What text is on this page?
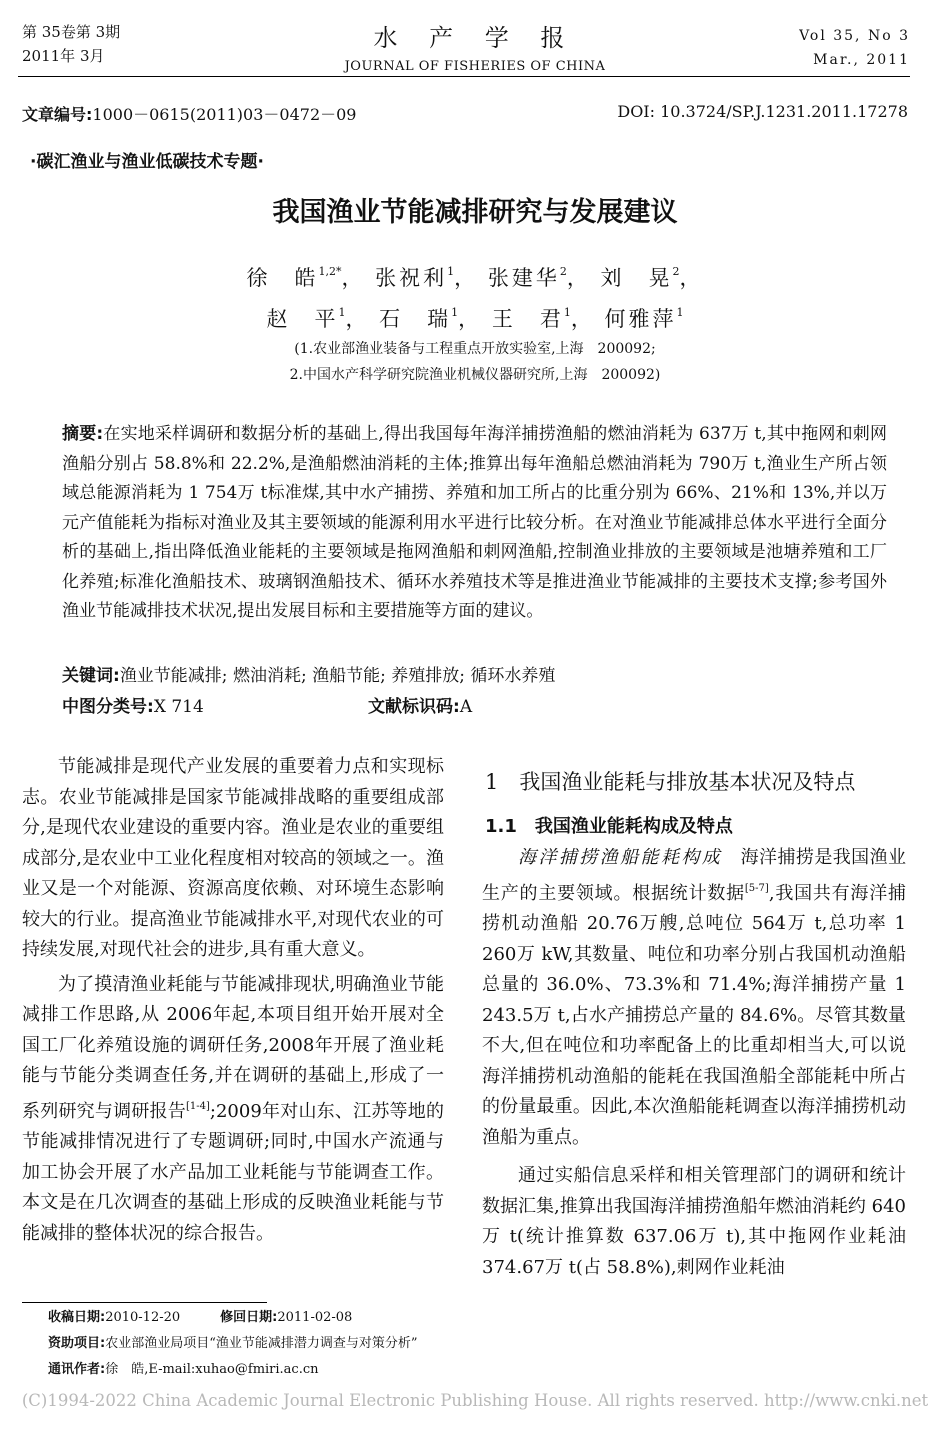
第 35卷第 3期
2011年 3月
水 产 学 报
JOURNAL OF FISHERIES OF CHINA
Vol 35, No 3
Mar., 2011
文章编号:1000－0615(2011)03－0472－09	DOI: 10.3724/SP.J.1231.2011.17278
·碳汇渔业与渔业低碳技术专题·
我国渔业节能减排研究与发展建议
徐　皓$^{1,2*}$， 张祝利$^1$， 张建华$^2$， 刘　晃$^2$，
赵　平$^1$， 石　瑞$^1$， 王　君$^1$， 何雅萍$^1$
(1.农业部渔业装备与工程重点开放实验室,上海　200092;
2.中国水产科学研究院渔业机械仪器研究所,上海　200092)
摘要:在实地采样调研和数据分析的基础上,得出我国每年海洋捕捞渔船的燃油消耗为 637万 t,其中拖网和刺网渔船分别占 58.8%和 22.2%,是渔船燃油消耗的主体;推算出每年渔船总燃油消耗为 790万 t,渔业生产所占领域总能源消耗为 1 754万 t标准煤,其中水产捕捞、养殖和加工所占的比重分别为 66%、21%和 13%,并以万元产值能耗为指标对渔业及其主要领域的能源利用水平进行比较分析。在对渔业节能减排总体水平进行全面分析的基础上,指出降低渔业能耗的主要领域是拖网渔船和刺网渔船,控制渔业排放的主要领域是池塘养殖和工厂化养殖;标准化渔船技术、玻璃钢渔船技术、循环水养殖技术等是推进渔业节能减排的主要技术支撑;参考国外渔业节能减排技术状况,提出发展目标和主要措施等方面的建议。
关键词:渔业节能减排; 燃油消耗; 渔船节能; 养殖排放; 循环水养殖
中图分类号:X 714	文献标识码:A

节能减排是现代产业发展的重要着力点和实现标志。农业节能减排是国家节能减排战略的重要组成部分,是现代农业建设的重要内容。渔业是农业的重要组成部分,是农业中工业化程度相对较高的领域之一。渔业又是一个对能源、资源高度依赖、对环境生态影响较大的行业。提高渔业节能减排水平,对现代农业的可持续发展,对现代社会的进步,具有重大意义。

为了摸清渔业耗能与节能减排现状,明确渔业节能减排工作思路,从 2006年起,本项目组开始开展对全国工厂化养殖设施的调研任务,2008年开展了渔业耗能与节能分类调查任务,并在调研的基础上,形成了一系列研究与调研报告[1-4];2009年对山东、江苏等地的节能减排情况进行了专题调研;同时,中国水产流通与加工协会开展了水产品加工业耗能与节能调查工作。本文是在几次调查的基础上形成的反映渔业耗能与节能减排的整体状况的综合报告。

1　我国渔业能耗与排放基本状况及特点
1.1　我国渔业能耗构成及特点

海洋捕捞渔船能耗构成　海洋捕捞是我国渔业生产的主要领域。根据统计数据[5-7],我国共有海洋捕捞机动渔船 20.76万艘,总吨位 564万 t,总功率 1 260万 kW,其数量、吨位和功率分别占我国机动渔船总量的 36.0%、73.3%和 71.4%;海洋捕捞产量 1 243.5万 t,占水产捕捞总产量的 84.6%。尽管其数量不大,但在吨位和功率配备上的比重却相当大,可以说海洋捕捞机动渔船的能耗在我国渔船全部能耗中所占的份量最重。因此,本次渔船能耗调查以海洋捕捞机动渔船为重点。

通过实船信息采样和相关管理部门的调研和统计数据汇集,推算出我国海洋捕捞渔船年燃油消耗约 640万 t(统计推算数 637.06万 t),其中拖网作业耗油 374.67万 t(占 58.8%),刺网作业耗油

收稿日期:2010-12-20	修回日期:2011-02-08
资助项目:农业部渔业局项目“渔业节能减排潜力调查与对策分析”
通讯作者:徐　皓,E-mail:xuhao@fmiri.ac.cn
(C)1994-2022 China Academic Journal Electronic Publishing House. All rights reserved. http://www.cnki.net
